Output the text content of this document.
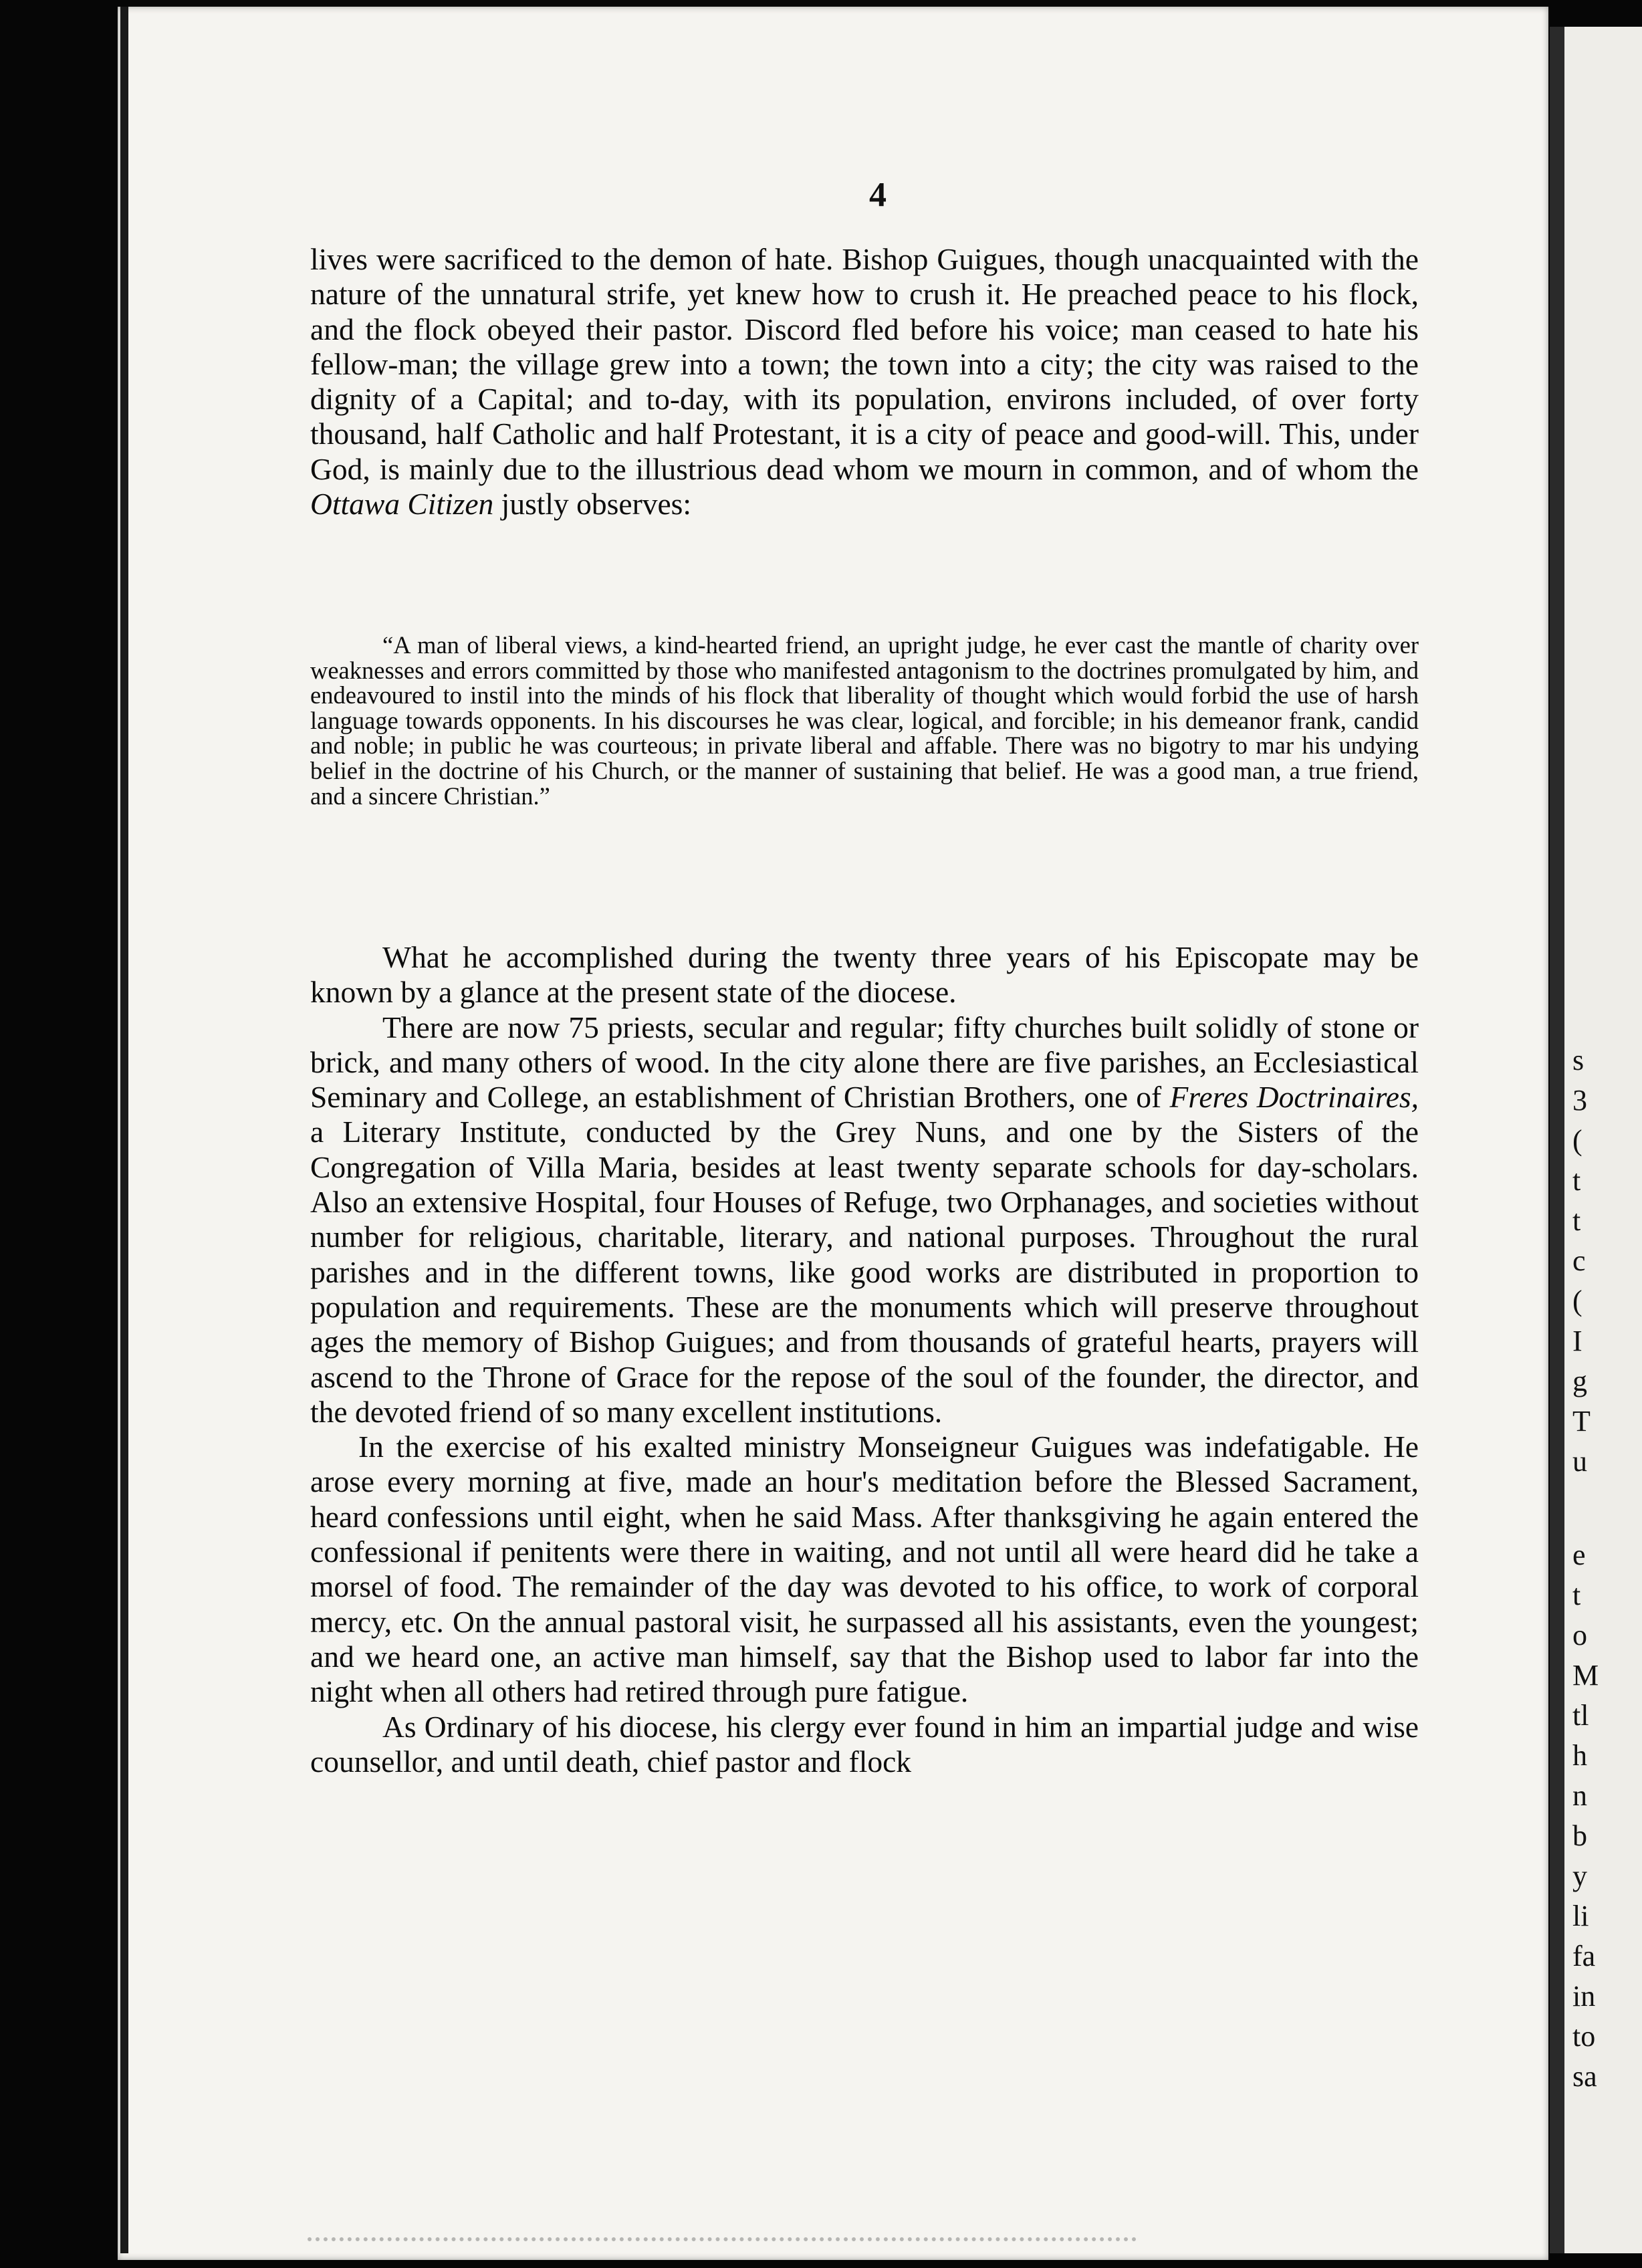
s
3
(
t
t
c
(
I
g
T
u
e
t
o
M
tl
h
n
b
y
li
fa
in
to
sa
4
lives were sacrificed to the demon of hate. Bishop Guigues, though unacquainted with the nature of the unnatural strife, yet knew how to crush it. He preached peace to his flock, and the flock obeyed their pastor. Discord fled before his voice; man ceased to hate his fellow-man; the village grew into a town; the town into a city; the city was raised to the dignity of a Capital; and to-day, with its population, environs included, of over forty thousand, half Catholic and half Protestant, it is a city of peace and good-will. This, under God, is mainly due to the illustrious dead whom we mourn in common, and of whom the Ottawa Citizen justly observes:
“A man of liberal views, a kind-hearted friend, an upright judge, he ever cast the mantle of charity over weaknesses and errors committed by those who manifested antagonism to the doctrines promulgated by him, and endeavoured to instil into the minds of his flock that liberality of thought which would forbid the use of harsh language towards opponents. In his discourses he was clear, logical, and forcible; in his demeanor frank, candid and noble; in public he was courteous; in private liberal and affable. There was no bigotry to mar his undying belief in the doctrine of his Church, or the manner of sustaining that belief. He was a good man, a true friend, and a sincere Christian.”

What he accomplished during the twenty three years of his Episcopate may be known by a glance at the present state of the diocese.

There are now 75 priests, secular and regular; fifty churches built solidly of stone or brick, and many others of wood. In the city alone there are five parishes, an Ecclesiastical Seminary and College, an establishment of Christian Brothers, one of Freres Doctrinaires, a Literary Institute, conducted by the Grey Nuns, and one by the Sisters of the Congregation of Villa Maria, besides at least twenty separate schools for day-scholars. Also an extensive Hospital, four Houses of Refuge, two Orphanages, and societies without number for religious, charitable, literary, and national purposes. Throughout the rural parishes and in the different towns, like good works are distributed in proportion to population and requirements. These are the monuments which will preserve throughout ages the memory of Bishop Guigues; and from thousands of grateful hearts, prayers will ascend to the Throne of Grace for the repose of the soul of the founder, the director, and the devoted friend of so many excellent institutions.

In the exercise of his exalted ministry Monseigneur Guigues was indefatigable. He arose every morning at five, made an hour's meditation before the Blessed Sacrament, heard confessions until eight, when he said Mass. After thanksgiving he again entered the confessional if penitents were there in waiting, and not until all were heard did he take a morsel of food. The remainder of the day was devoted to his office, to work of corporal mercy, etc. On the annual pastoral visit, he surpassed all his assistants, even the youngest; and we heard one, an active man himself, say that the Bishop used to labor far into the night when all others had retired through pure fatigue.

As Ordinary of his diocese, his clergy ever found in him an impartial judge and wise counsellor, and until death, chief pastor and flock
